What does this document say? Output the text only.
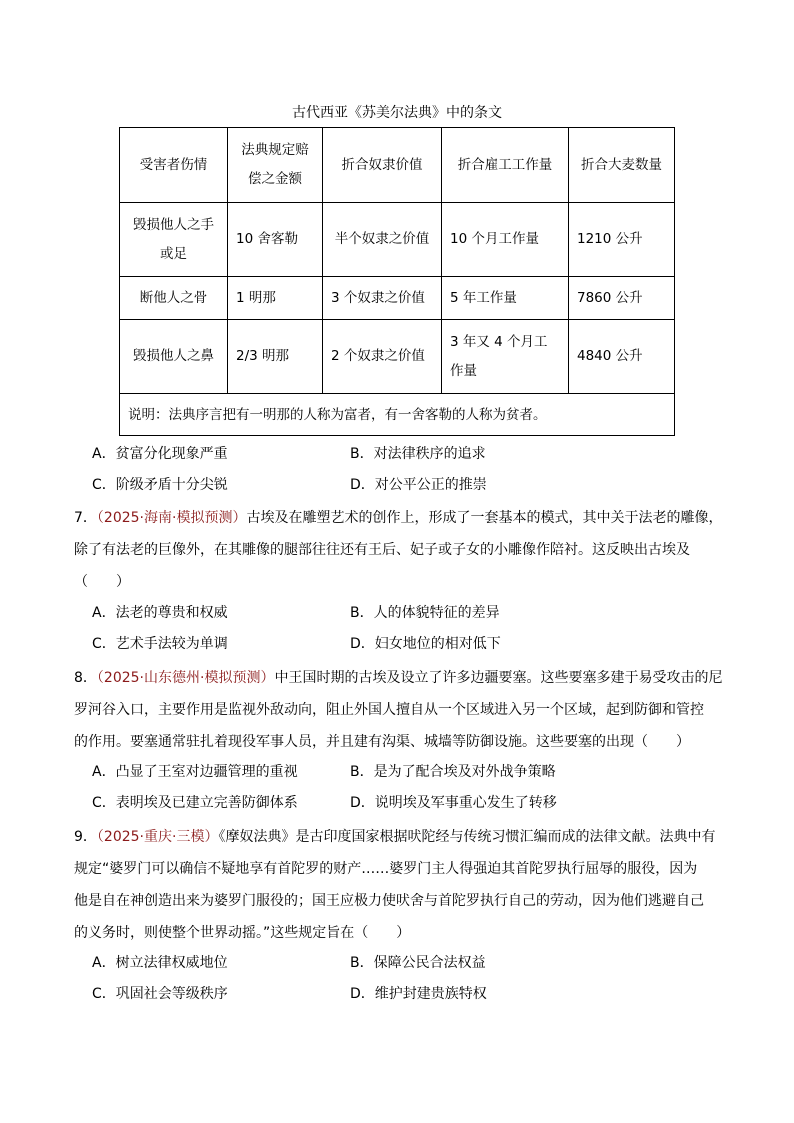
古代西亚《苏美尔法典》中的条文
受害者伤情	法典规定赔偿之金额	折合奴隶价值	折合雇工工作量	折合大麦数量
毁损他人之手或足	10 舍客勒	半个奴隶之价值	10 个月工作量	1210 公升
断他人之骨	1 明那	3 个奴隶之价值	5 年工作量	7860 公升
毁损他人之鼻	2/3 明那	2 个奴隶之价值	3 年又 4 个月工作量	4840 公升
说明：法典序言把有一明那的人称为富者，有一舍客勒的人称为贫者。				
A．贫富分化现象严重	B．对法律秩序的追求
C．阶级矛盾十分尖锐	D．对公平公正的推崇
7．（2025·海南·模拟预测）古埃及在雕塑艺术的创作上，形成了一套基本的模式，其中关于法老的雕像，
除了有法老的巨像外，在其雕像的腿部往往还有王后、妃子或子女的小雕像作陪衬。这反映出古埃及
（　　）
A．法老的尊贵和权威	B．人的体貌特征的差异
C．艺术手法较为单调	D．妇女地位的相对低下
8．（2025·山东德州·模拟预测）中王国时期的古埃及设立了许多边疆要塞。这些要塞多建于易受攻击的尼
罗河谷入口，主要作用是监视外敌动向，阻止外国人擅自从一个区域进入另一个区域，起到防御和管控
的作用。要塞通常驻扎着现役军事人员，并且建有沟渠、城墙等防御设施。这些要塞的出现（　　）
A．凸显了王室对边疆管理的重视	B．是为了配合埃及对外战争策略
C．表明埃及已建立完善防御体系	D．说明埃及军事重心发生了转移
9．（2025·重庆·三模）《摩奴法典》是古印度国家根据吠陀经与传统习惯汇编而成的法律文献。法典中有
规定“婆罗门可以确信不疑地享有首陀罗的财产……婆罗门主人得强迫其首陀罗执行屈辱的服役，因为
他是自在神创造出来为婆罗门服役的；国王应极力使吠舍与首陀罗执行自己的劳动，因为他们逃避自己
的义务时，则使整个世界动摇。”这些规定旨在（　　）
A．树立法律权威地位	B．保障公民合法权益
C．巩固社会等级秩序	D．维护封建贵族特权
